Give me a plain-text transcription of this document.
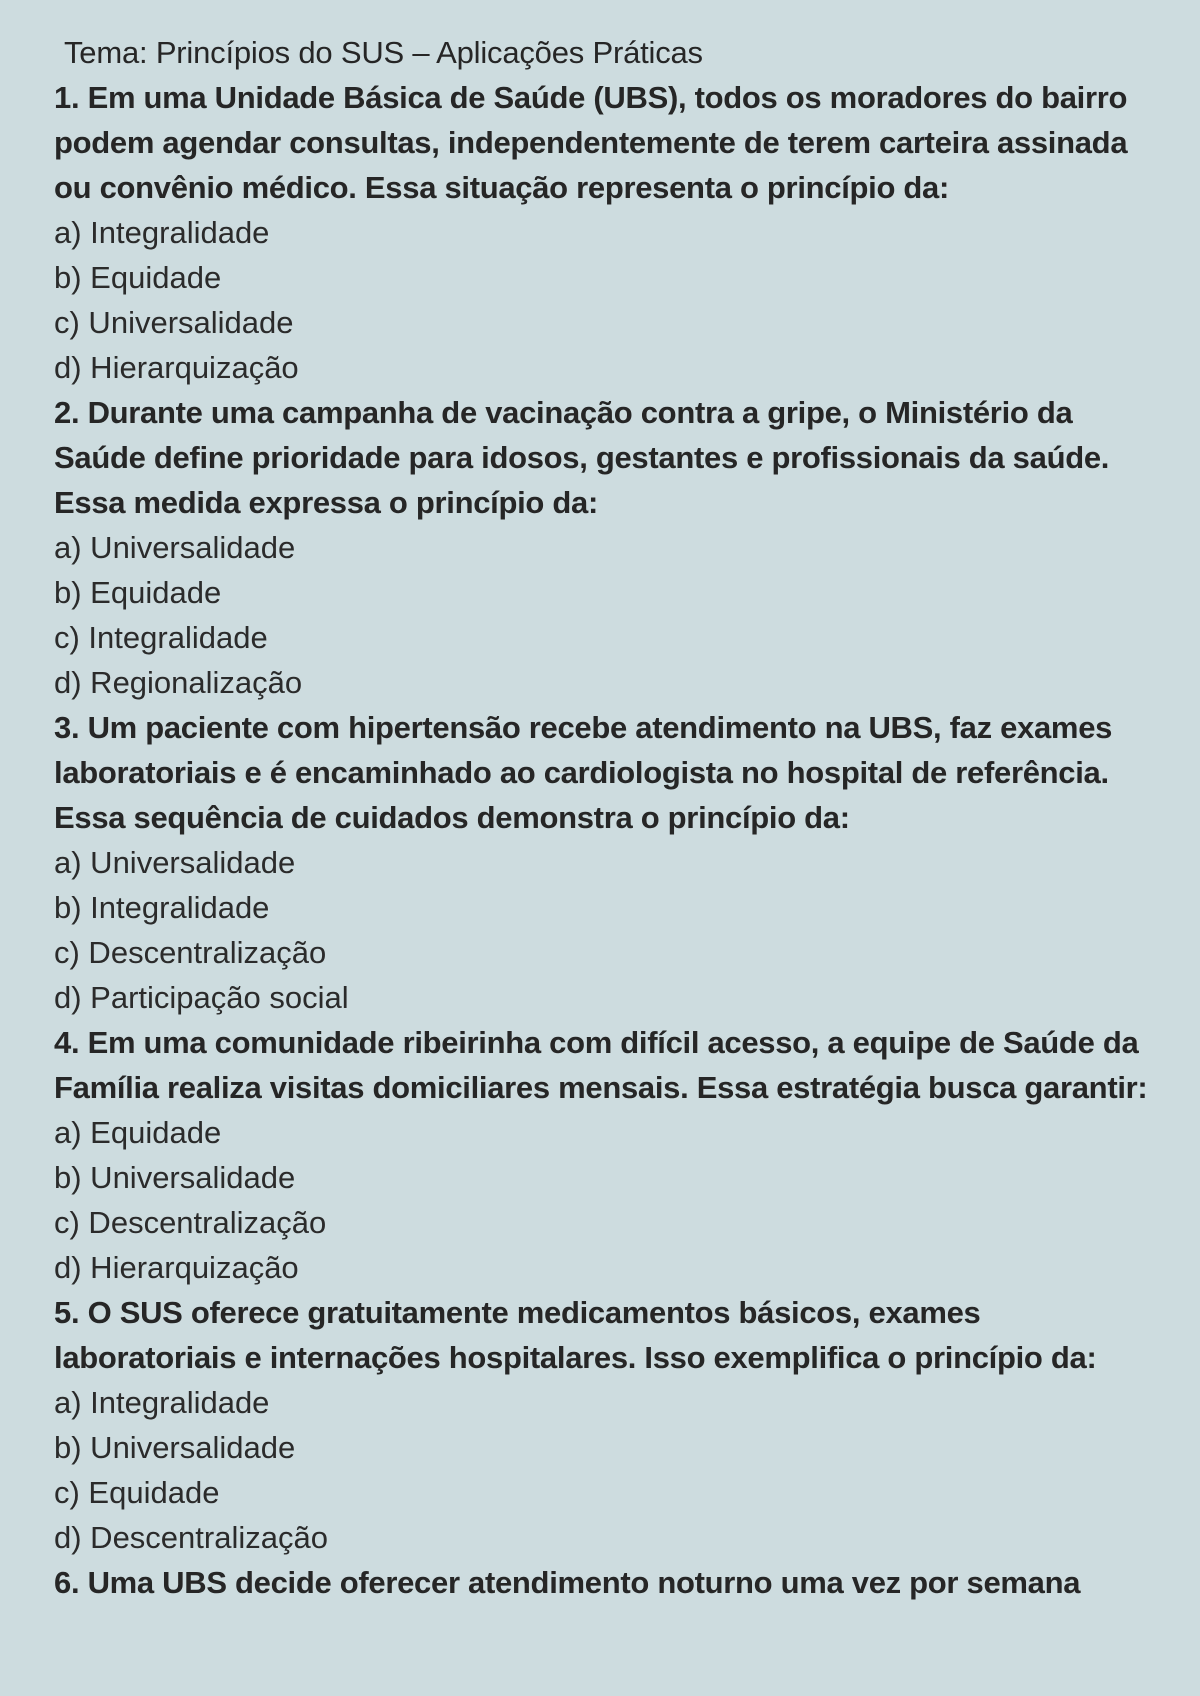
Tema: Princípios do SUS – Aplicações Práticas
1. Em uma Unidade Básica de Saúde (UBS), todos os moradores do bairro podem agendar consultas, independentemente de terem carteira assinada ou convênio médico. Essa situação representa o princípio da:
a) Integralidade
b) Equidade
c) Universalidade
d) Hierarquização
2. Durante uma campanha de vacinação contra a gripe, o Ministério da Saúde define prioridade para idosos, gestantes e profissionais da saúde. Essa medida expressa o princípio da:
a) Universalidade
b) Equidade
c) Integralidade
d) Regionalização
3. Um paciente com hipertensão recebe atendimento na UBS, faz exames laboratoriais e é encaminhado ao cardiologista no hospital de referência. Essa sequência de cuidados demonstra o princípio da:
a) Universalidade
b) Integralidade
c) Descentralização
d) Participação social
4. Em uma comunidade ribeirinha com difícil acesso, a equipe de Saúde da Família realiza visitas domiciliares mensais. Essa estratégia busca garantir:
a) Equidade
b) Universalidade
c) Descentralização
d) Hierarquização
5. O SUS oferece gratuitamente medicamentos básicos, exames laboratoriais e internações hospitalares. Isso exemplifica o princípio da:
a) Integralidade
b) Universalidade
c) Equidade
d) Descentralização
6. Uma UBS decide oferecer atendimento noturno uma vez por semana
